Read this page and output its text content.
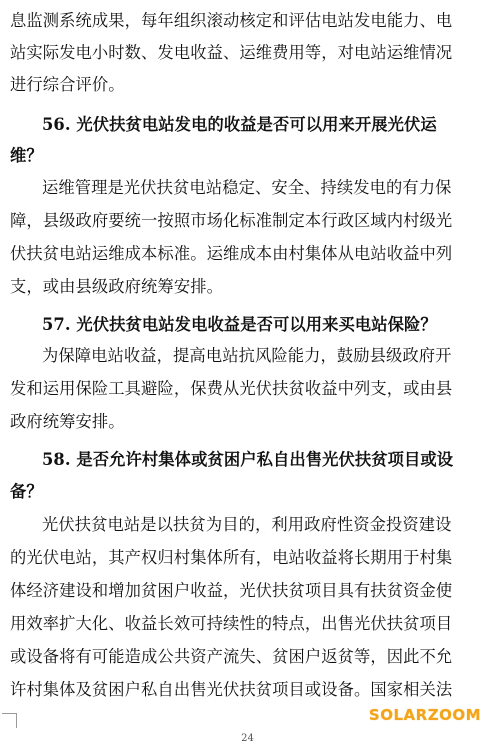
息监测系统成果，每年组织滚动核定和评估电站发电能力、电
站实际发电小时数、发电收益、运维费用等，对电站运维情况
进行综合评价。
56. 光伏扶贫电站发电的收益是否可以用来开展光伏运
维？
运维管理是光伏扶贫电站稳定、安全、持续发电的有力保
障，县级政府要统一按照市场化标准制定本行政区域内村级光
伏扶贫电站运维成本标准。运维成本由村集体从电站收益中列
支，或由县级政府统筹安排。
57. 光伏扶贫电站发电收益是否可以用来买电站保险？
为保障电站收益，提高电站抗风险能力，鼓励县级政府开
发和运用保险工具避险，保费从光伏扶贫收益中列支，或由县
政府统筹安排。
58. 是否允许村集体或贫困户私自出售光伏扶贫项目或设
备？
光伏扶贫电站是以扶贫为目的，利用政府性资金投资建设
的光伏电站，其产权归村集体所有，电站收益将长期用于村集
体经济建设和增加贫困户收益，光伏扶贫项目具有扶贫资金使
用效率扩大化、收益长效可持续性的特点，出售光伏扶贫项目
或设备将有可能造成公共资产流失、贫困户返贫等，因此不允
许村集体及贫困户私自出售光伏扶贫项目或设备。国家相关法
SOLARZOOM
24
